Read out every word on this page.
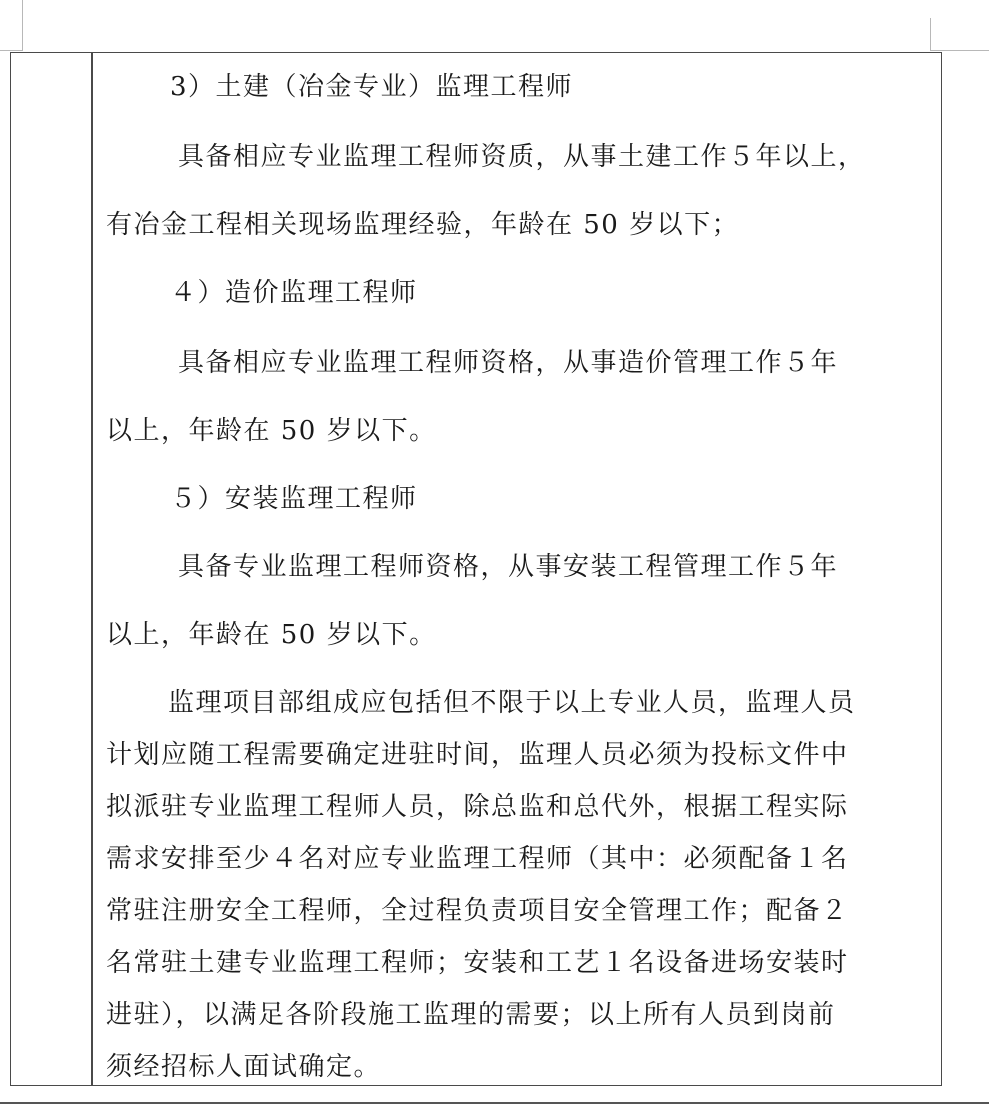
3）土建（冶金专业）监理工程师
具备相应专业监理工程师资质，从事土建工作５年以上，
有冶金工程相关现场监理经验，年龄在 50 岁以下；
４）造价监理工程师
具备相应专业监理工程师资格，从事造价管理工作５年
以上，年龄在 50 岁以下。
５）安装监理工程师
具备专业监理工程师资格，从事安装工程管理工作５年
以上，年龄在 50 岁以下。
监理项目部组成应包括但不限于以上专业人员，监理人员
计划应随工程需要确定进驻时间，监理人员必须为投标文件中
拟派驻专业监理工程师人员，除总监和总代外，根据工程实际
需求安排至少４名对应专业监理工程师（其中：必须配备１名
常驻注册安全工程师，全过程负责项目安全管理工作；配备２
名常驻土建专业监理工程师；安装和工艺１名设备进场安装时
进驻），以满足各阶段施工监理的需要；以上所有人员到岗前
须经招标人面试确定。
